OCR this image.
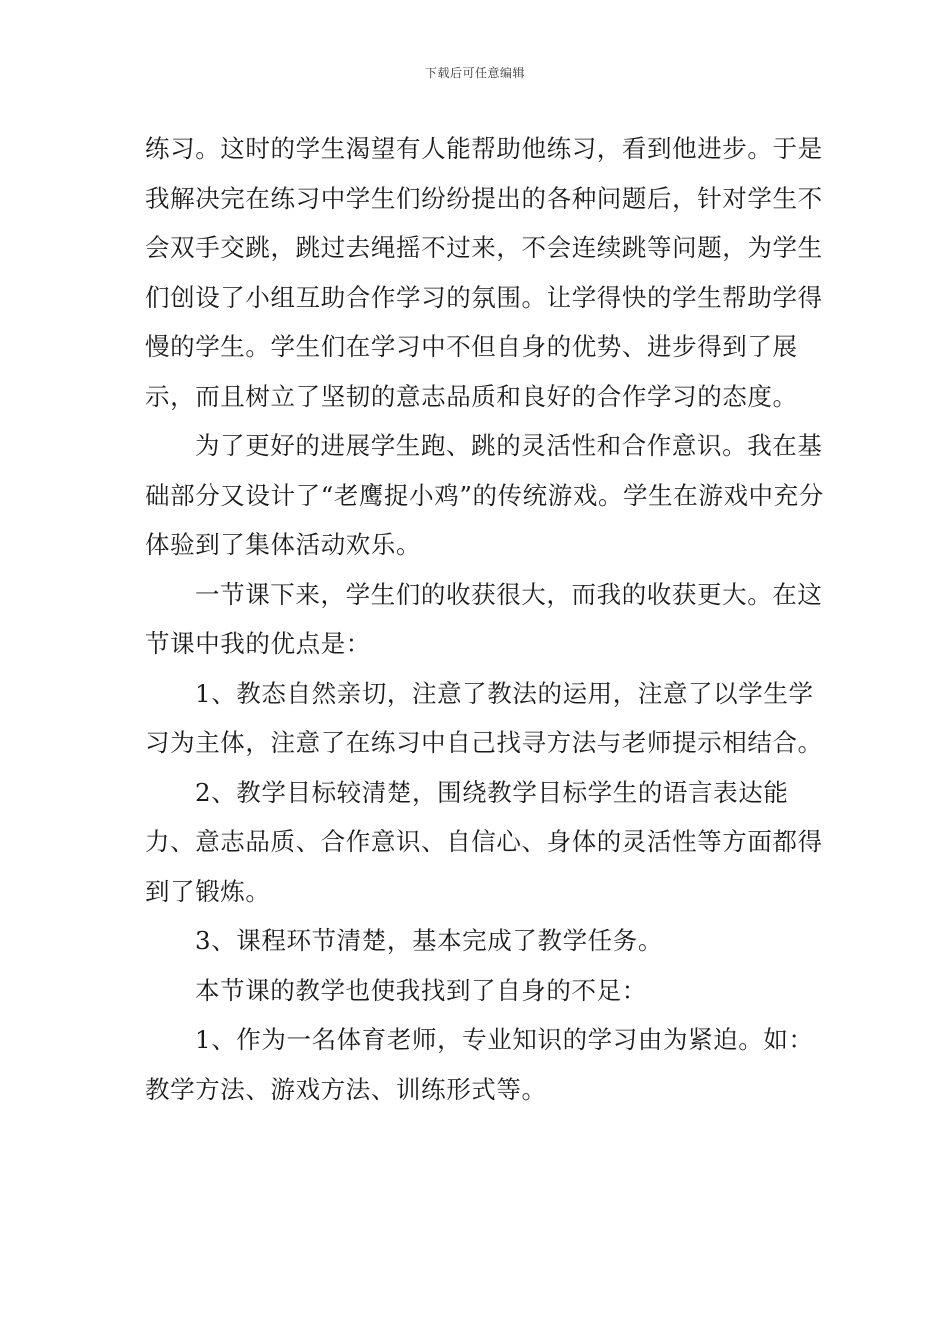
下载后可任意编辑

练习。这时的学生渴望有人能帮助他练习，看到他进步。于是我解决完在练习中学生们纷纷提出的各种问题后，针对学生不会双手交跳，跳过去绳摇不过来，不会连续跳等问题，为学生们创设了小组互助合作学习的氛围。让学得快的学生帮助学得慢的学生。学生们在学习中不但自身的优势、进步得到了展示，而且树立了坚韧的意志品质和良好的合作学习的态度。

为了更好的进展学生跑、跳的灵活性和合作意识。我在基础部分又设计了“老鹰捉小鸡”的传统游戏。学生在游戏中充分体验到了集体活动欢乐。

一节课下来，学生们的收获很大，而我的收获更大。在这节课中我的优点是：

1、教态自然亲切，注意了教法的运用，注意了以学生学习为主体，注意了在练习中自己找寻方法与老师提示相结合。

2、教学目标较清楚，围绕教学目标学生的语言表达能力、意志品质、合作意识、自信心、身体的灵活性等方面都得到了锻炼。

3、课程环节清楚，基本完成了教学任务。

本节课的教学也使我找到了自身的不足：

1、作为一名体育老师，专业知识的学习由为紧迫。如：教学方法、游戏方法、训练形式等。
